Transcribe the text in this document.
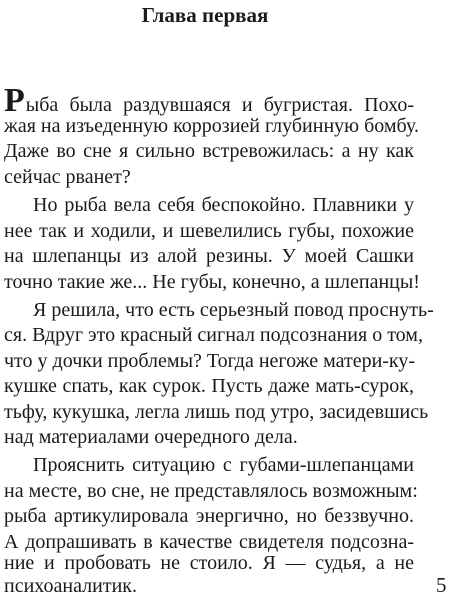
Глава первая
Рыба была раздувшаяся и бугристая. Похо-
жая на изъеденную коррозией глубинную бомбу.
Даже во сне я сильно встревожилась: а ну как
сейчас рванет?
Но рыба вела себя беспокойно. Плавники у
нее так и ходили, и шевелились губы, похожие
на шлепанцы из алой резины. У моей Сашки
точно такие же... Не губы, конечно, а шлепанцы!
Я решила, что есть серьезный повод проснуть-
ся. Вдруг это красный сигнал подсознания о том,
что у дочки проблемы? Тогда негоже матери-ку-
кушке спать, как сурок. Пусть даже мать-сурок,
тьфу, кукушка, легла лишь под утро, засидевшись
над материалами очередного дела.
Прояснить ситуацию с губами-шлепанцами
на месте, во сне, не представлялось возможным:
рыба артикулировала энергично, но беззвучно.
А допрашивать в качестве свидетеля подсозна-
ние и пробовать не стоило. Я — судья, а не
психоаналитик.	5
